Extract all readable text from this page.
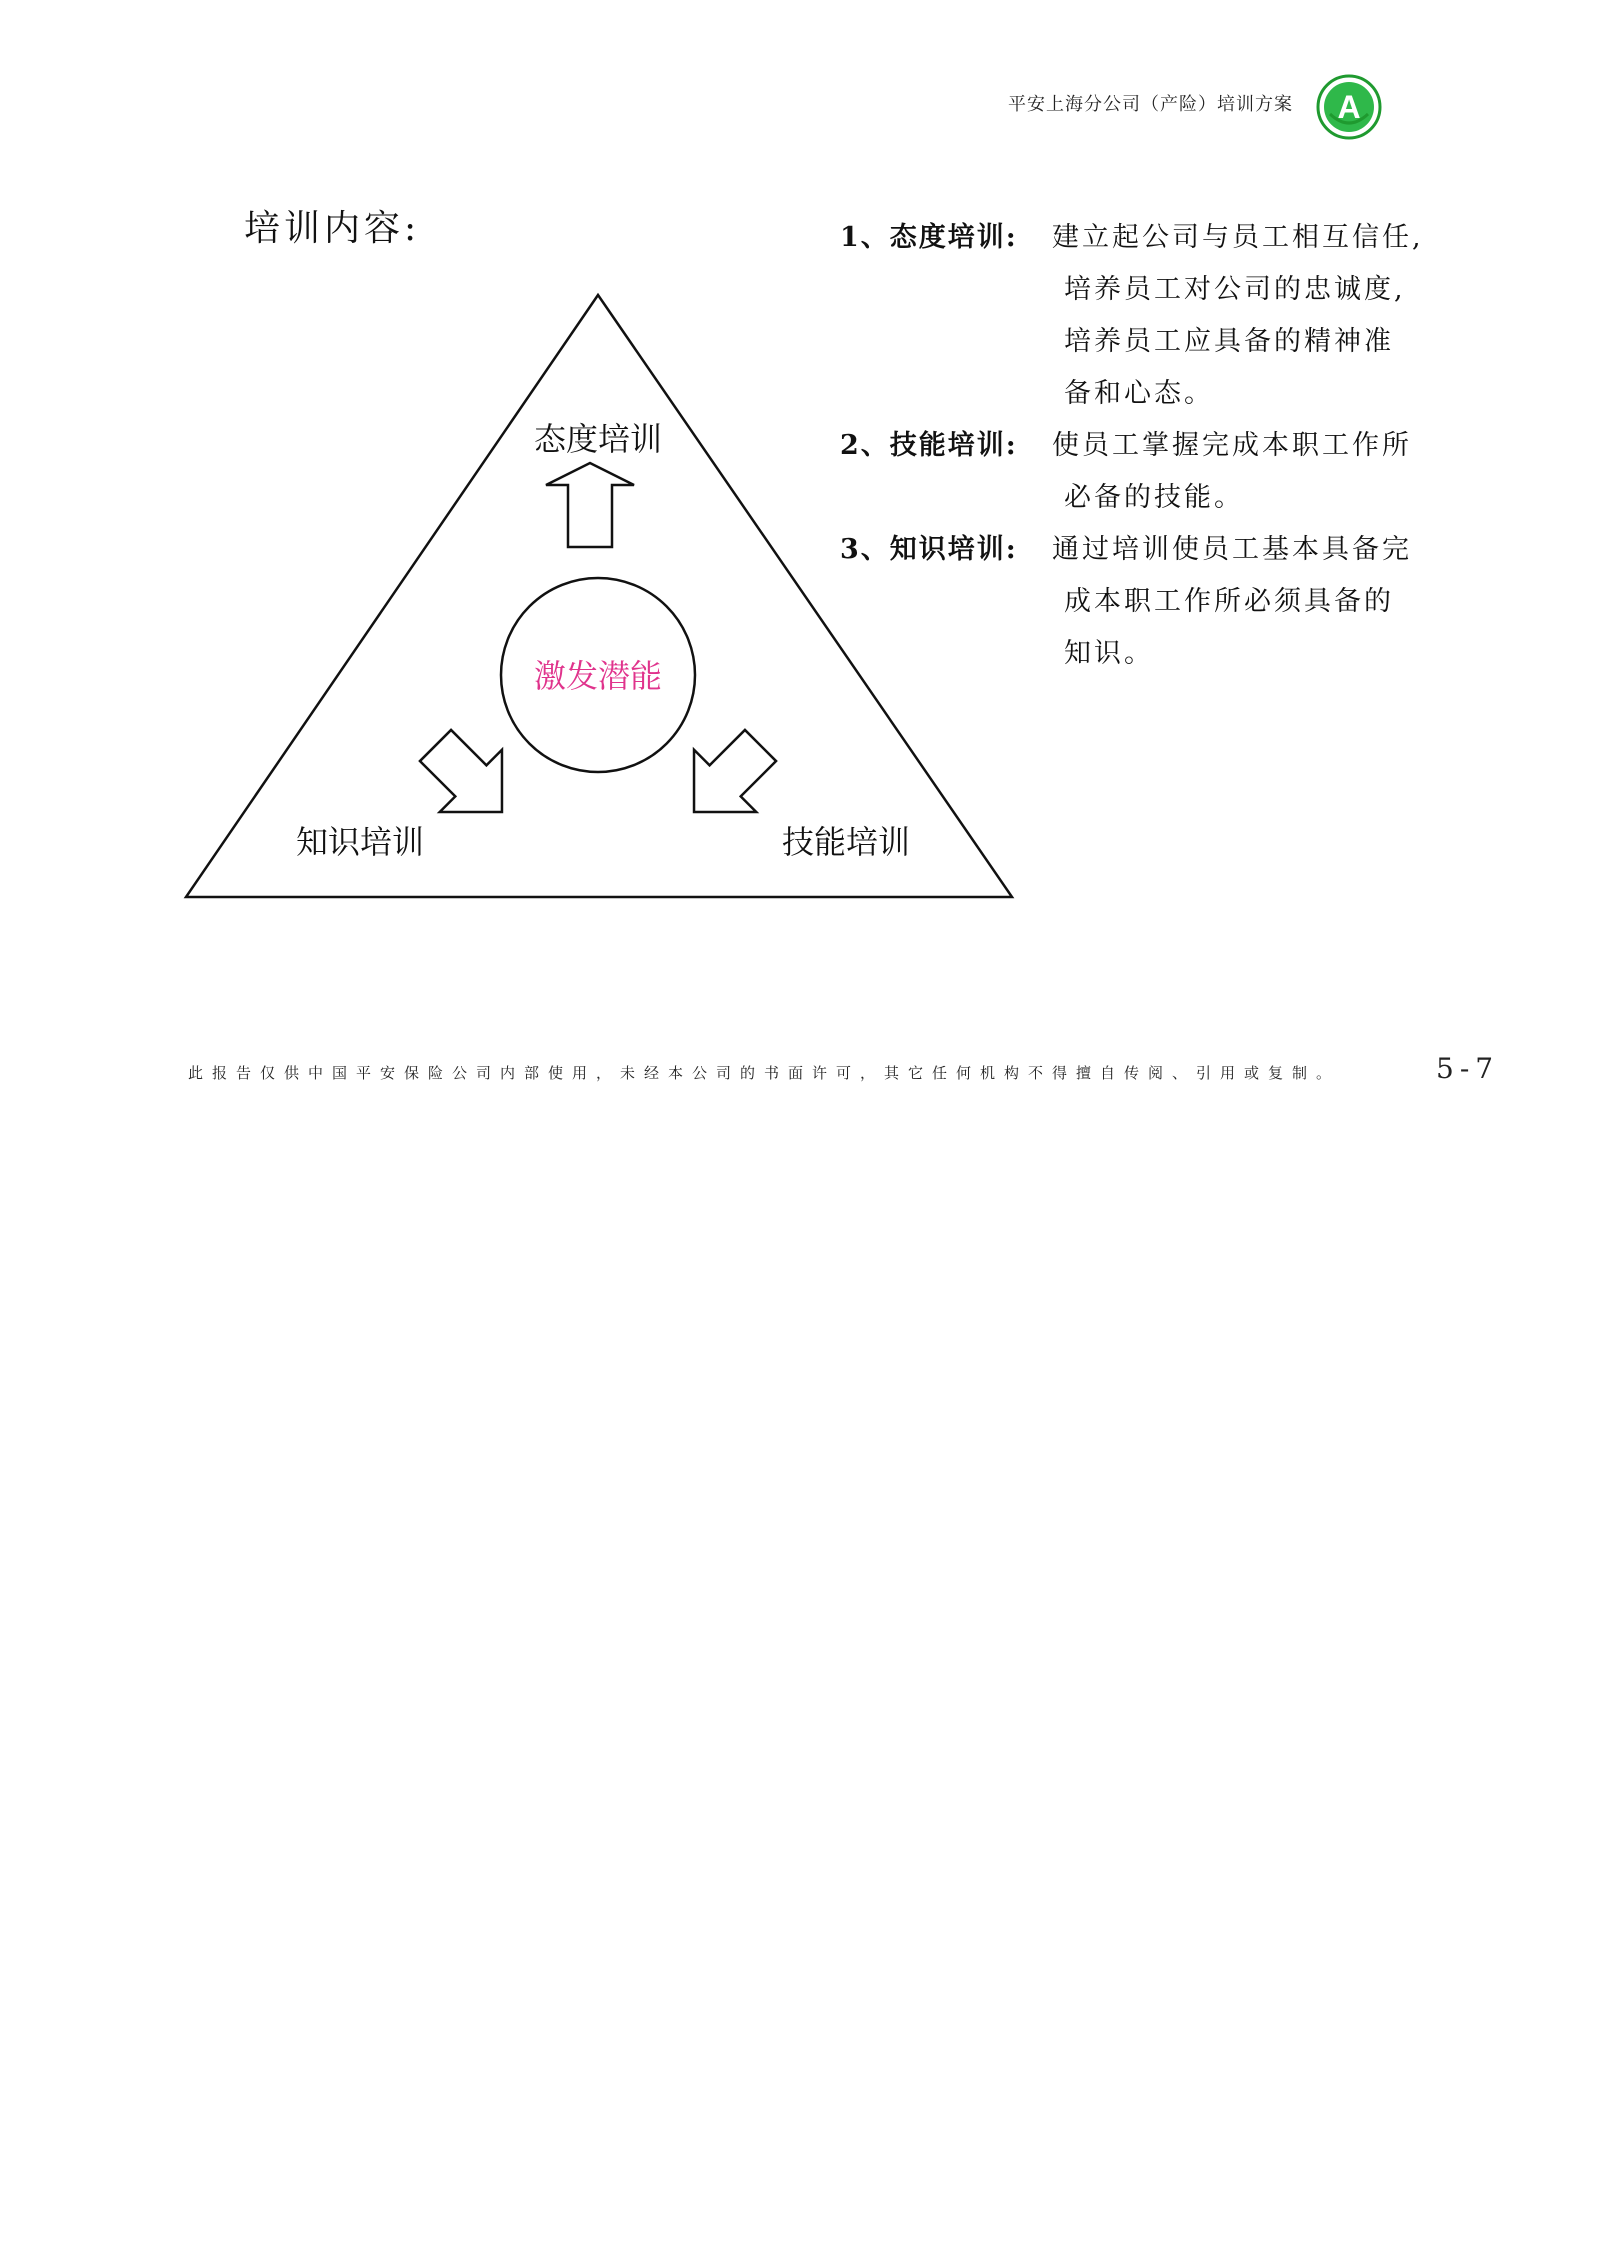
平安上海分公司（产险）培训方案	A
培训内容:
态度培训
激发潜能
知识培训	技能培训
1、态度培训:	建立起公司与员工相互信任,
培养员工对公司的忠诚度,
培养员工应具备的精神准
备和心态。
2、技能培训:	使员工掌握完成本职工作所
必备的技能。
3、知识培训:	通过培训使员工基本具备完
成本职工作所必须具备的
知识。
此报告仅供中国平安保险公司内部使用，未经本公司的书面许可，其它任何机构不得擅自传阅、引用或复制。	5-7
